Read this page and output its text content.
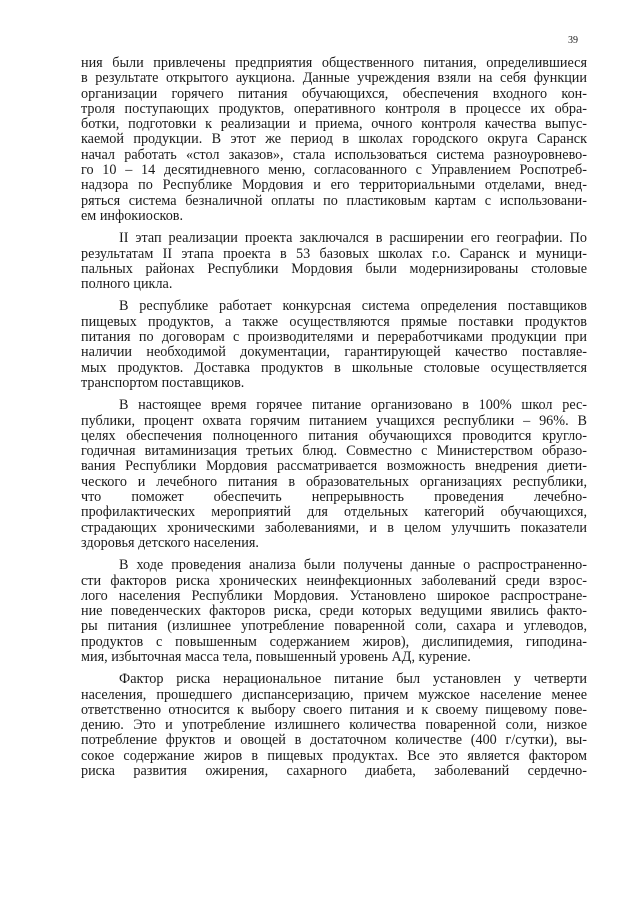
39

ния были привлечены предприятия общественного питания, определившиеся
в результате открытого аукциона. Данные учреждения взяли на себя функции
организации горячего питания обучающихся, обеспечения входного кон-
троля поступающих продуктов, оперативного контроля в процессе их обра-
ботки, подготовки к реализации и приема, очного контроля качества выпус-
каемой продукции. В этот же период в школах городского округа Саранск
начал работать «стол заказов», стала использоваться система разноуровнево-
го 10 – 14 десятидневного меню, согласованного с Управлением Роспотреб-
надзора по Республике Мордовия и его территориальными отделами, внед-
ряться система безналичной оплаты по пластиковым картам с использовани-
ем инфокиосков.

II этап реализации проекта заключался в расширении его географии. По
результатам II этапа проекта в 53 базовых школах г.о. Саранск и муници-
пальных районах Республики Мордовия были модернизированы столовые
полного цикла.

В республике работает конкурсная система определения поставщиков
пищевых продуктов, а также осуществляются прямые поставки продуктов
питания по договорам с производителями и переработчиками продукции при
наличии необходимой документации, гарантирующей качество поставляе-
мых продуктов. Доставка продуктов в школьные столовые осуществляется
транспортом поставщиков.

В настоящее время горячее питание организовано в 100% школ рес-
публики, процент охвата горячим питанием учащихся республики – 96%. В
целях обеспечения полноценного питания обучающихся проводится кругло-
годичная витаминизация третьих блюд. Совместно с Министерством образо-
вания Республики Мордовия рассматривается возможность внедрения диети-
ческого и лечебного питания в образовательных организациях республики,
что поможет обеспечить непрерывность проведения лечебно-
профилактических мероприятий для отдельных категорий обучающихся,
страдающих хроническими заболеваниями, и в целом улучшить показатели
здоровья детского населения.

В ходе проведения анализа были получены данные о распространенно-
сти факторов риска хронических неинфекционных заболеваний среди взрос-
лого населения Республики Мордовия. Установлено широкое распростране-
ние поведенческих факторов риска, среди которых ведущими явились факто-
ры питания (излишнее употребление поваренной соли, сахара и углеводов,
продуктов с повышенным содержанием жиров), дислипидемия, гиподина-
мия, избыточная масса тела, повышенный уровень АД, курение.

Фактор риска нерациональное питание был установлен у четверти
населения, прошедшего диспансеризацию, причем мужское население менее
ответственно относится к выбору своего питания и к своему пищевому пове-
дению. Это и употребление излишнего количества поваренной соли, низкое
потребление фруктов и овощей в достаточном количестве (400 г/сутки), вы-
сокое содержание жиров в пищевых продуктах. Все это является фактором
риска развития ожирения, сахарного диабета, заболеваний сердечно-
